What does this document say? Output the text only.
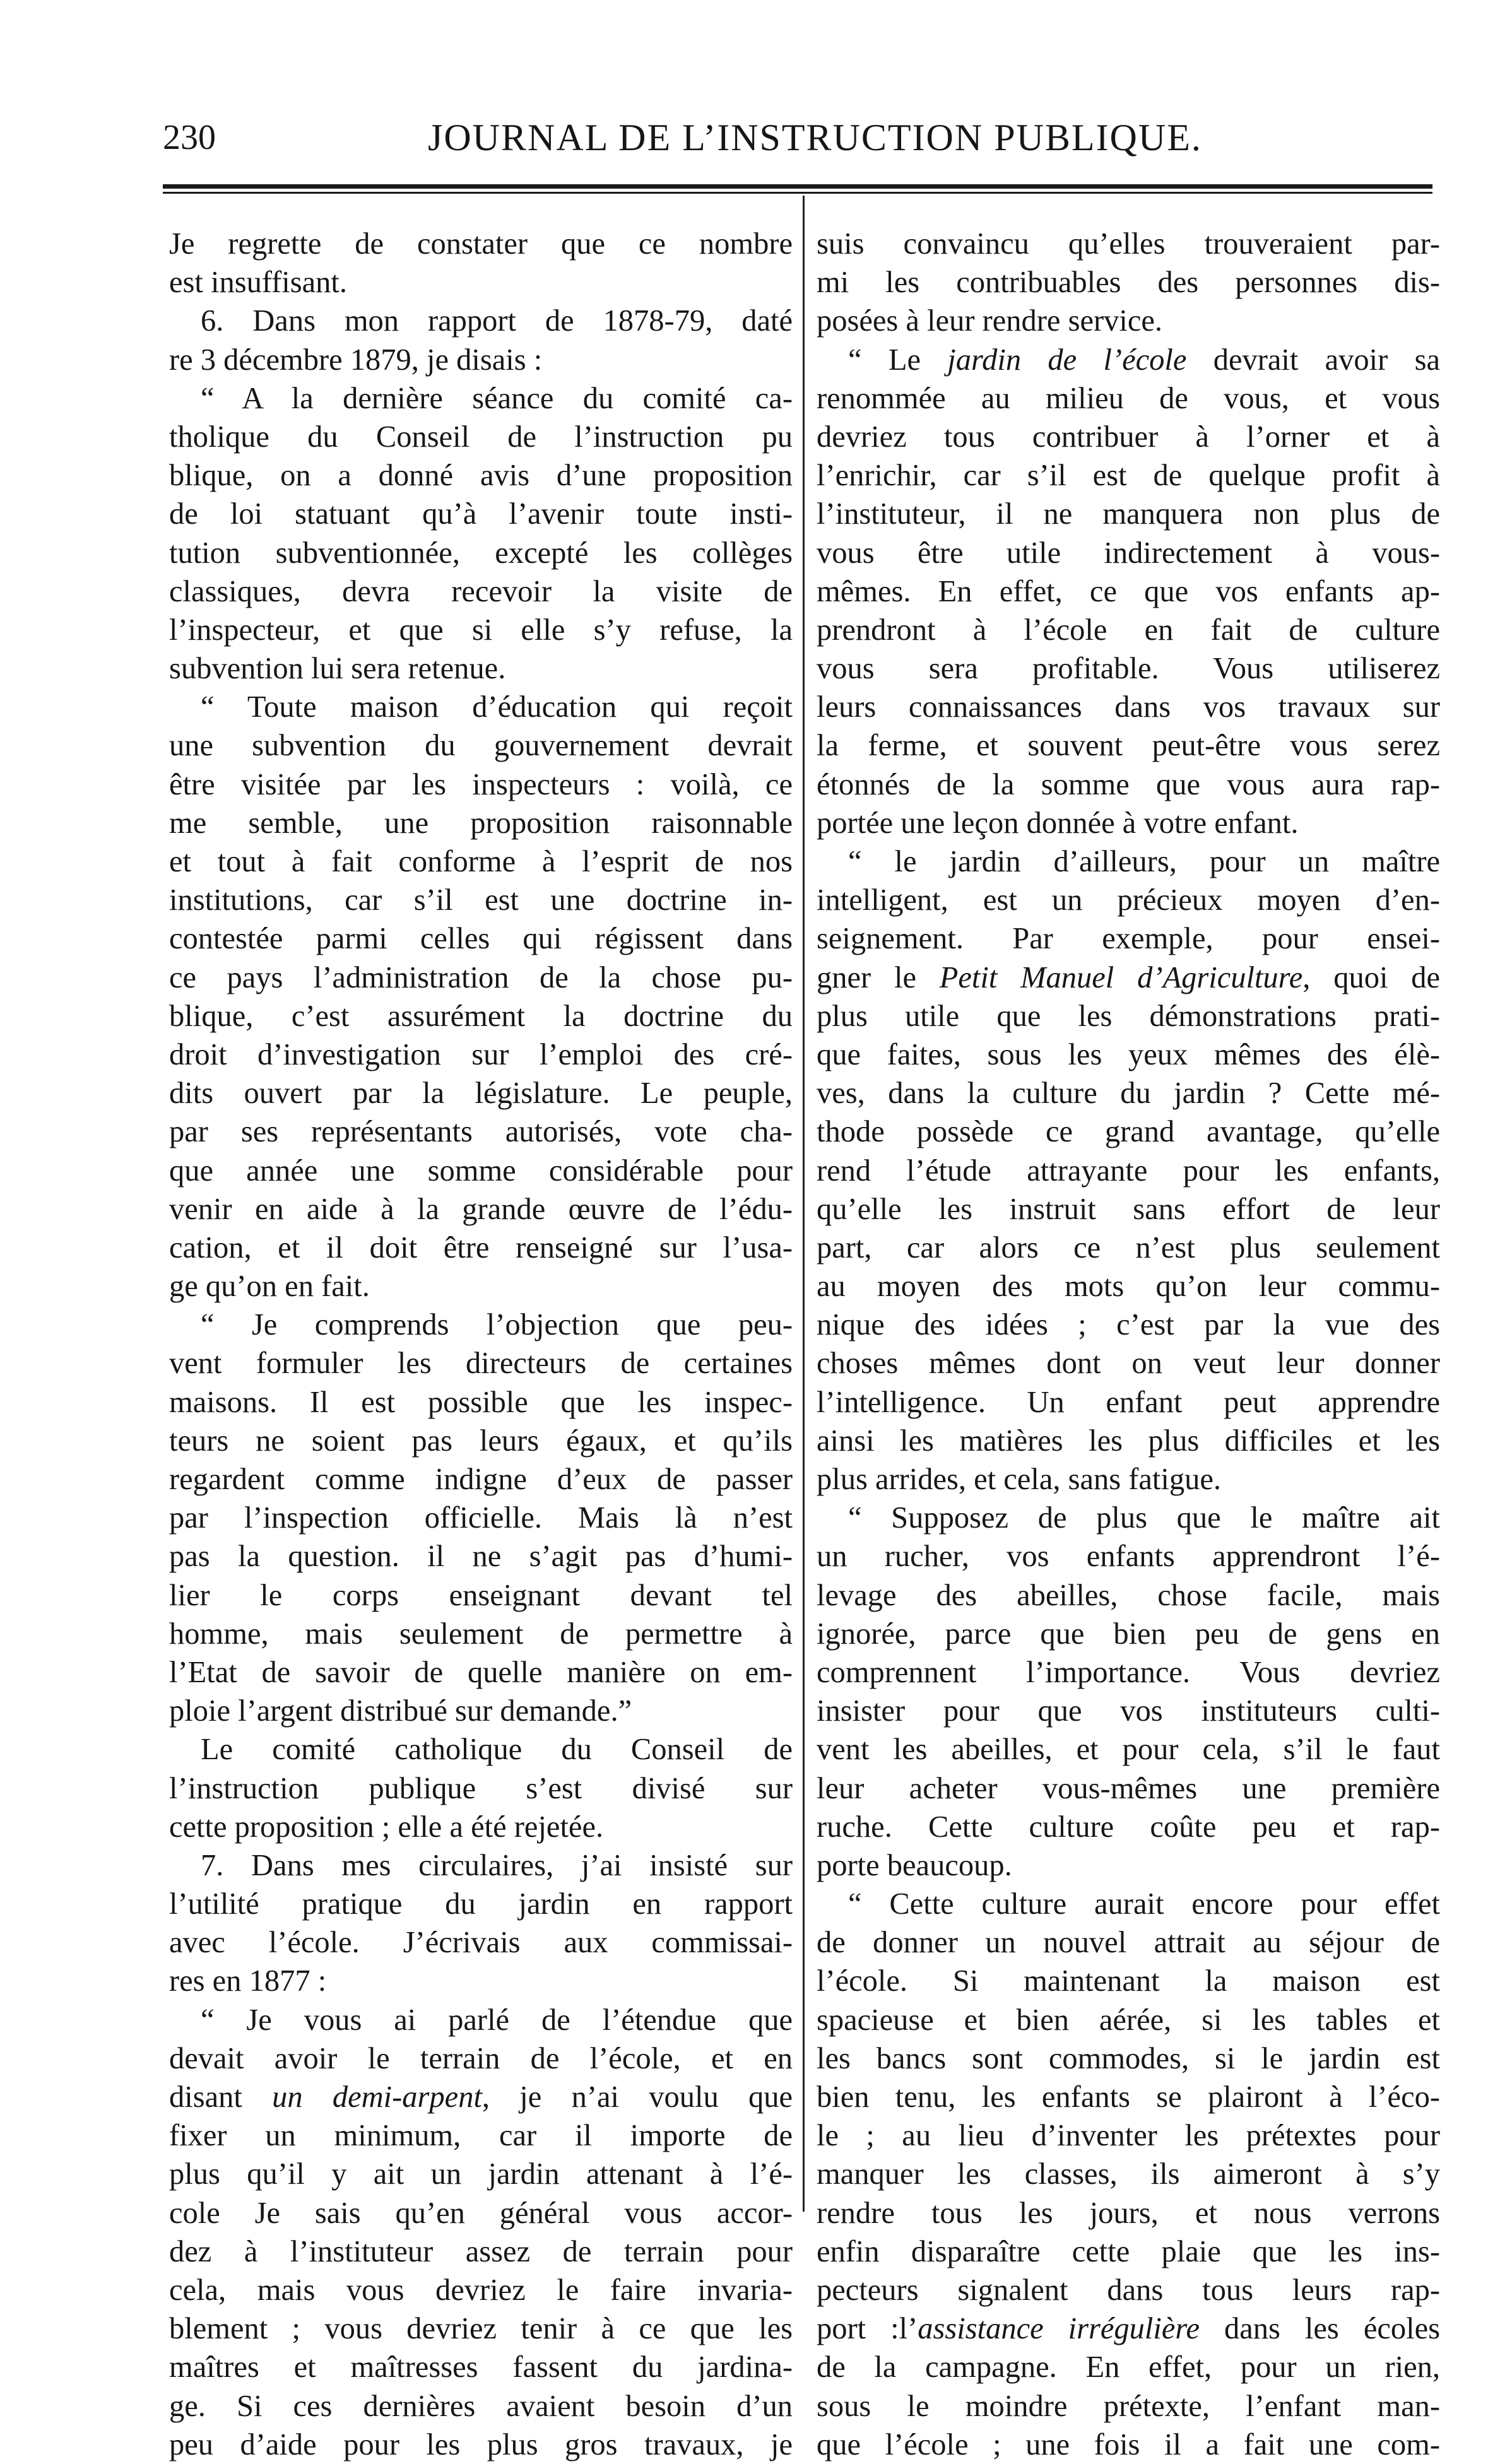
230	JOURNAL DE L’INSTRUCTION PUBLIQUE.
Je regrette de constater que ce nombre
est insuffisant.
6. Dans mon rapport de 1878-79, daté
re 3 décembre 1879, je disais :
“ A la dernière séance du comité ca-
tholique du Conseil de l’instruction pu
blique, on a donné avis d’une proposition
de loi statuant qu’à l’avenir toute insti-
tution subventionnée, excepté les collèges
classiques, devra recevoir la visite de
l’inspecteur, et que si elle s’y refuse, la
subvention lui sera retenue.
“ Toute maison d’éducation qui reçoit
une subvention du gouvernement devrait
être visitée par les inspecteurs : voilà, ce
me semble, une proposition raisonnable
et tout à fait conforme à l’esprit de nos
institutions, car s’il est une doctrine in-
contestée parmi celles qui régissent dans
ce pays l’administration de la chose pu-
blique, c’est assurément la doctrine du
droit d’investigation sur l’emploi des cré-
dits ouvert par la législature. Le peuple,
par ses représentants autorisés, vote cha-
que année une somme considérable pour
venir en aide à la grande œuvre de l’édu-
cation, et il doit être renseigné sur l’usa-
ge qu’on en fait.
“ Je comprends l’objection que peu-
vent formuler les directeurs de certaines
maisons. Il est possible que les inspec-
teurs ne soient pas leurs égaux, et qu’ils
regardent comme indigne d’eux de passer
par l’inspection officielle. Mais là n’est
pas la question. il ne s’agit pas d’humi-
lier le corps enseignant devant tel
homme, mais seulement de permettre à
l’Etat de savoir de quelle manière on em-
ploie l’argent distribué sur demande.”
Le comité catholique du Conseil de
l’instruction publique s’est divisé sur
cette proposition ; elle a été rejetée.
7. Dans mes circulaires, j’ai insisté sur
l’utilité pratique du jardin en rapport
avec l’école. J’écrivais aux commissai-
res en 1877 :
“ Je vous ai parlé de l’étendue que
devait avoir le terrain de l’école, et en
disant un demi-arpent, je n’ai voulu que
fixer un minimum, car il importe de
plus qu’il y ait un jardin attenant à l’é-
cole Je sais qu’en général vous accor-
dez à l’instituteur assez de terrain pour
cela, mais vous devriez le faire invaria-
blement ; vous devriez tenir à ce que les
maîtres et maîtresses fassent du jardina-
ge. Si ces dernières avaient besoin d’un
peu d’aide pour les plus gros travaux, je
suis convaincu qu’elles trouveraient par-
mi les contribuables des personnes dis-
posées à leur rendre service.
“ Le jardin de l’école devrait avoir sa
renommée au milieu de vous, et vous
devriez tous contribuer à l’orner et à
l’enrichir, car s’il est de quelque profit à
l’instituteur, il ne manquera non plus de
vous être utile indirectement à vous-
mêmes. En effet, ce que vos enfants ap-
prendront à l’école en fait de culture
vous sera profitable. Vous utiliserez
leurs connaissances dans vos travaux sur
la ferme, et souvent peut-être vous serez
étonnés de la somme que vous aura rap-
portée une leçon donnée à votre enfant.
“ le jardin d’ailleurs, pour un maître
intelligent, est un précieux moyen d’en-
seignement. Par exemple, pour ensei-
gner le Petit Manuel d’Agriculture, quoi de
plus utile que les démonstrations prati-
que faites, sous les yeux mêmes des élè-
ves, dans la culture du jardin ? Cette mé-
thode possède ce grand avantage, qu’elle
rend l’étude attrayante pour les enfants,
qu’elle les instruit sans effort de leur
part, car alors ce n’est plus seulement
au moyen des mots qu’on leur commu-
nique des idées ; c’est par la vue des
choses mêmes dont on veut leur donner
l’intelligence. Un enfant peut apprendre
ainsi les matières les plus difficiles et les
plus arrides, et cela, sans fatigue.
“ Supposez de plus que le maître ait
un rucher, vos enfants apprendront l’é-
levage des abeilles, chose facile, mais
ignorée, parce que bien peu de gens en
comprennent l’importance. Vous devriez
insister pour que vos instituteurs culti-
vent les abeilles, et pour cela, s’il le faut
leur acheter vous-mêmes une première
ruche. Cette culture coûte peu et rap-
porte beaucoup.
“ Cette culture aurait encore pour effet
de donner un nouvel attrait au séjour de
l’école. Si maintenant la maison est
spacieuse et bien aérée, si les tables et
les bancs sont commodes, si le jardin est
bien tenu, les enfants se plairont à l’éco-
le ; au lieu d’inventer les prétextes pour
manquer les classes, ils aimeront à s’y
rendre tous les jours, et nous verrons
enfin disparaître cette plaie que les ins-
pecteurs signalent dans tous leurs rap-
port :l’assistance irrégulière dans les écoles
de la campagne. En effet, pour un rien,
sous le moindre prétexte, l’enfant man-
que l’école ; une fois il a fait une com-
